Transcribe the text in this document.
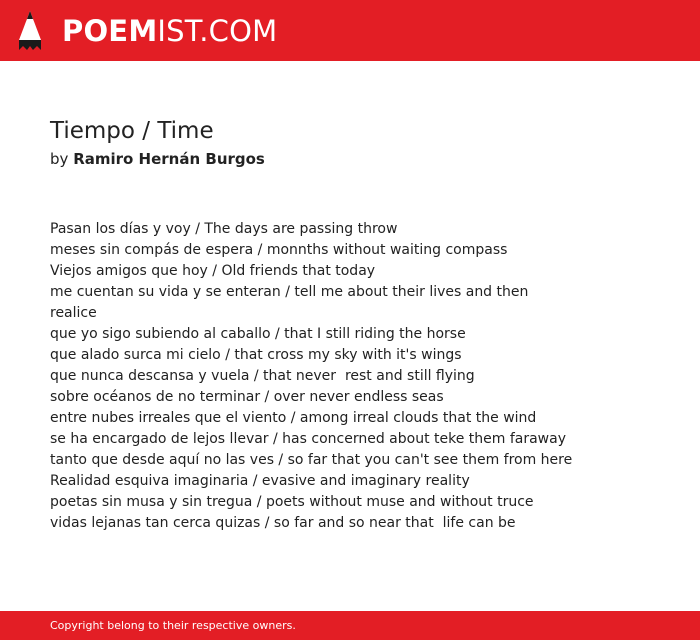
POEMIST.COM
Tiempo / Time
by Ramiro Hernán Burgos
Pasan los días y voy / The days are passing throw
meses sin compás de espera / monnths without waiting compass
Viejos amigos que hoy / Old friends that today
me cuentan su vida y se enteran / tell me about their lives and then
realice
que yo sigo subiendo al caballo / that I still riding the horse
que alado surca mi cielo / that cross my sky with it's wings
que nunca descansa y vuela / that never  rest and still flying
sobre océanos de no terminar / over never endless seas
entre nubes irreales que el viento / among irreal clouds that the wind
se ha encargado de lejos llevar / has concerned about teke them faraway
tanto que desde aquí no las ves / so far that you can't see them from here
Realidad esquiva imaginaria / evasive and imaginary reality
poetas sin musa y sin tregua / poets without muse and without truce
vidas lejanas tan cerca quizas / so far and so near that  life can be
Copyright belong to their respective owners.
